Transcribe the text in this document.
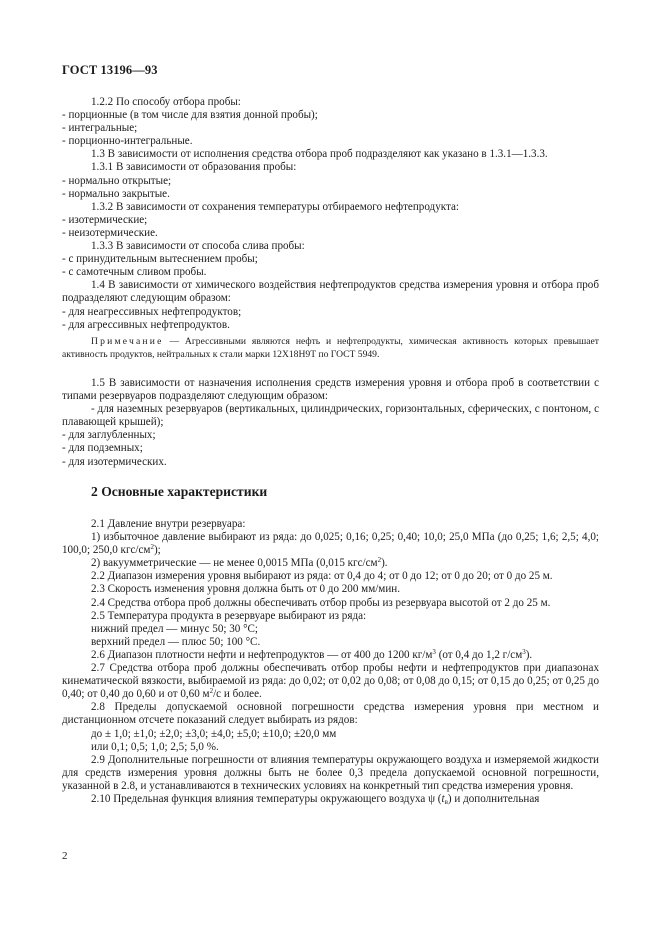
ГОСТ 13196—93

1.2.2 По способу отбора пробы:

- порционные (в том числе для взятия донной пробы);

- интегральные;

- порционно-интегральные.

1.3 В зависимости от исполнения средства отбора проб подразделяют как указано в 1.3.1—1.3.3.

1.3.1 В зависимости от образования пробы:

- нормально открытые;

- нормально закрытые.

1.3.2 В зависимости от сохранения температуры отбираемого нефтепродукта:

- изотермические;

- неизотермические.

1.3.3 В зависимости от способа слива пробы:

- с принудительным вытеснением пробы;

- с самотечным сливом пробы.

1.4 В зависимости от химического воздействия нефтепродуктов средства измерения уровня и отбора проб подразделяют следующим образом:

- для неагрессивных нефтепродуктов;

- для агрессивных нефтепродуктов.

Примечание — Агрессивными являются нефть и нефтепродукты, химическая активность которых превышает активность продуктов, нейтральных к стали марки 12Х18Н9Т по ГОСТ 5949.

1.5 В зависимости от назначения исполнения средств измерения уровня и отбора проб в соответствии с типами резервуаров подразделяют следующим образом:

- для наземных резервуаров (вертикальных, цилиндрических, горизонтальных, сферических, с понтоном, с плавающей крышей);

- для заглубленных;

- для подземных;

- для изотермических.

2 Основные характеристики

2.1 Давление внутри резервуара:

1) избыточное давление выбирают из ряда: до 0,025; 0,16; 0,25; 0,40; 10,0; 25,0 МПа (до 0,25; 1,6; 2,5; 4,0; 100,0; 250,0 кгс/$см^2$);

2) вакуумметрические — не менее 0,0015 МПа (0,015 кгс/$см^2$).

2.2 Диапазон измерения уровня выбирают из ряда: от 0,4 до 4; от 0 до 12; от 0 до 20; от 0 до 25 м.

2.3 Скорость изменения уровня должна быть от 0 до 200 мм/мин.

2.4 Средства отбора проб должны обеспечивать отбор пробы из резервуара высотой от 2 до 25 м.

2.5 Температура продукта в резервуаре выбирают из ряда:

нижний предел — минус 50; 30 °С;

верхний предел — плюс 50; 100 °С.

2.6 Диапазон плотности нефти и нефтепродуктов — от 400 до 1200 $кг/м^3$ (от 0,4 до 1,2 $г/см^3$).

2.7 Средства отбора проб должны обеспечивать отбор пробы нефти и нефтепродуктов при диапазонах кинематической вязкости, выбираемой из ряда: до 0,02; от 0,02 до 0,08; от 0,08 до 0,15; от 0,15 до 0,25; от 0,25 до 0,40; от 0,40 до 0,60 и от 0,60 $м^2/с$ и более.

2.8 Пределы допускаемой основной погрешности средства измерения уровня при местном и дистанционном отсчете показаний следует выбирать из рядов:

до ± 1,0; ±1,0; ±2,0; ±3,0; ±4,0; ±5,0; ±10,0; ±20,0 мм

или 0,1; 0,5; 1,0; 2,5; 5,0 %.

2.9 Дополнительные погрешности от влияния температуры окружающего воздуха и измеряемой жидкости для средств измерения уровня должны быть не более 0,3 предела допускаемой основной погрешности, указанной в 2.8, и устанавливаются в технических условиях на конкретный тип средства измерения уровня.

2.10 Предельная функция влияния температуры окружающего воздуха ψ $(t_в)$ и дополнительная

2
